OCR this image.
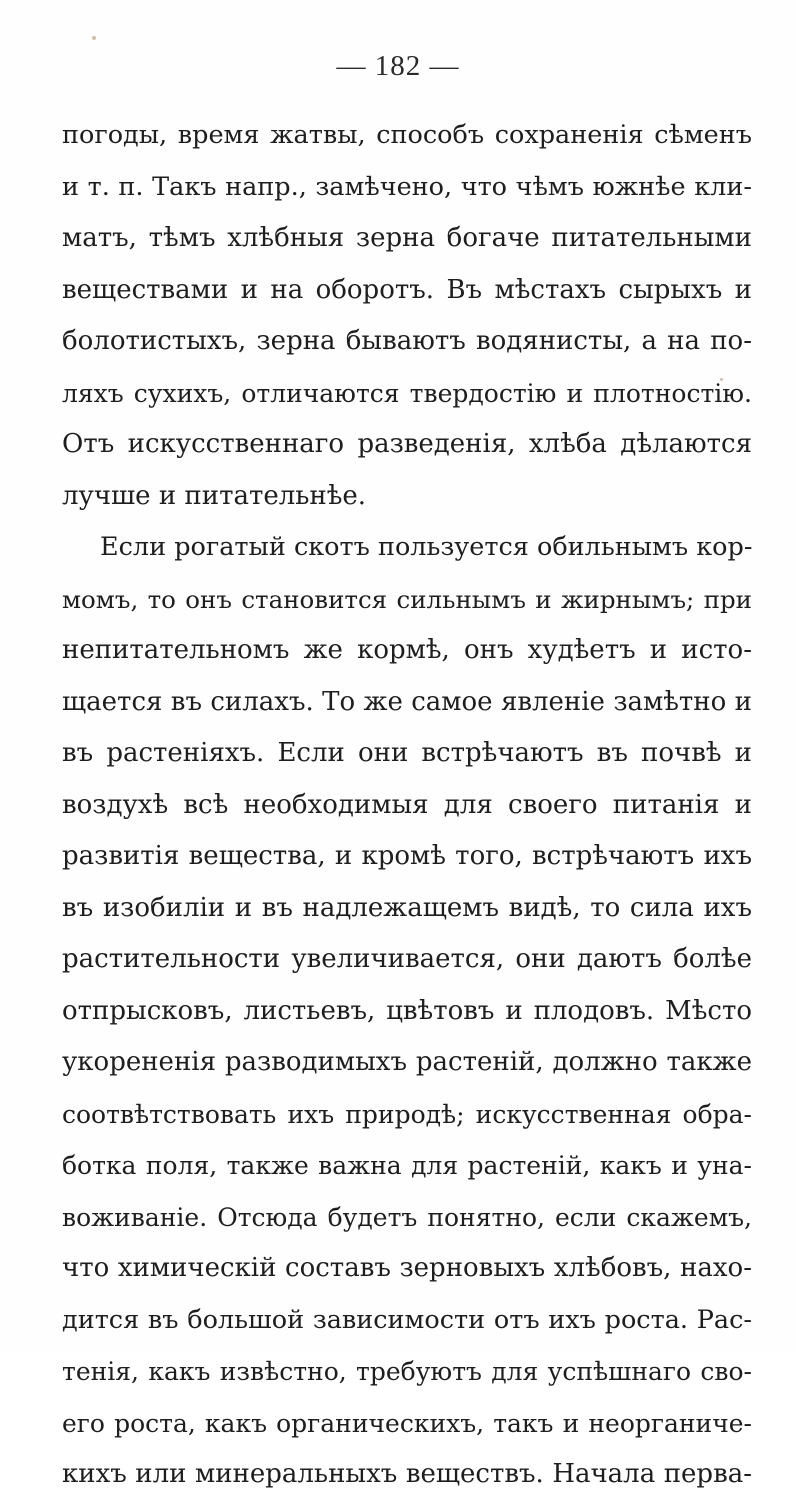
— 182 —
погоды, время жатвы, способъ сохраненія сѣменъ
и т. п. Такъ напр., замѣчено, что чѣмъ южнѣе кли-
матъ, тѣмъ хлѣбныя зерна богаче питательными
веществами и на оборотъ. Въ мѣстахъ сырыхъ и
болотистыхъ, зерна бываютъ водянисты, а на по-
ляхъ сухихъ, отличаются твердостію и плотностію.
Отъ искусственнаго разведенія, хлѣба дѣлаются
лучше и питательнѣе.
Если рогатый скотъ пользуется обильнымъ кор-
момъ, то онъ становится сильнымъ и жирнымъ; при
непитательномъ же кормѣ, онъ худѣетъ и исто-
щается въ силахъ. То же самое явленіе замѣтно и
въ растеніяхъ. Если они встрѣчаютъ въ почвѣ и
воздухѣ всѣ необходимыя для своего питанія и
развитія вещества, и кромѣ того, встрѣчаютъ ихъ
въ изобиліи и въ надлежащемъ видѣ, то сила ихъ
растительности увеличивается, они даютъ болѣе
отпрысковъ, листьевъ, цвѣтовъ и плодовъ. Мѣсто
укорененія разводимыхъ растеній, должно также
соотвѣтствовать ихъ природѣ; искусственная обра-
ботка поля, также важна для растеній, какъ и уна-
воживаніе. Отсюда будетъ понятно, если скажемъ,
что химическій составъ зерновыхъ хлѣбовъ, нахо-
дится въ большой зависимости отъ ихъ роста. Рас-
тенія, какъ извѣстно, требуютъ для успѣшнаго сво-
его роста, какъ органическихъ, такъ и неорганиче-
кихъ или минеральныхъ веществъ. Начала перва-
